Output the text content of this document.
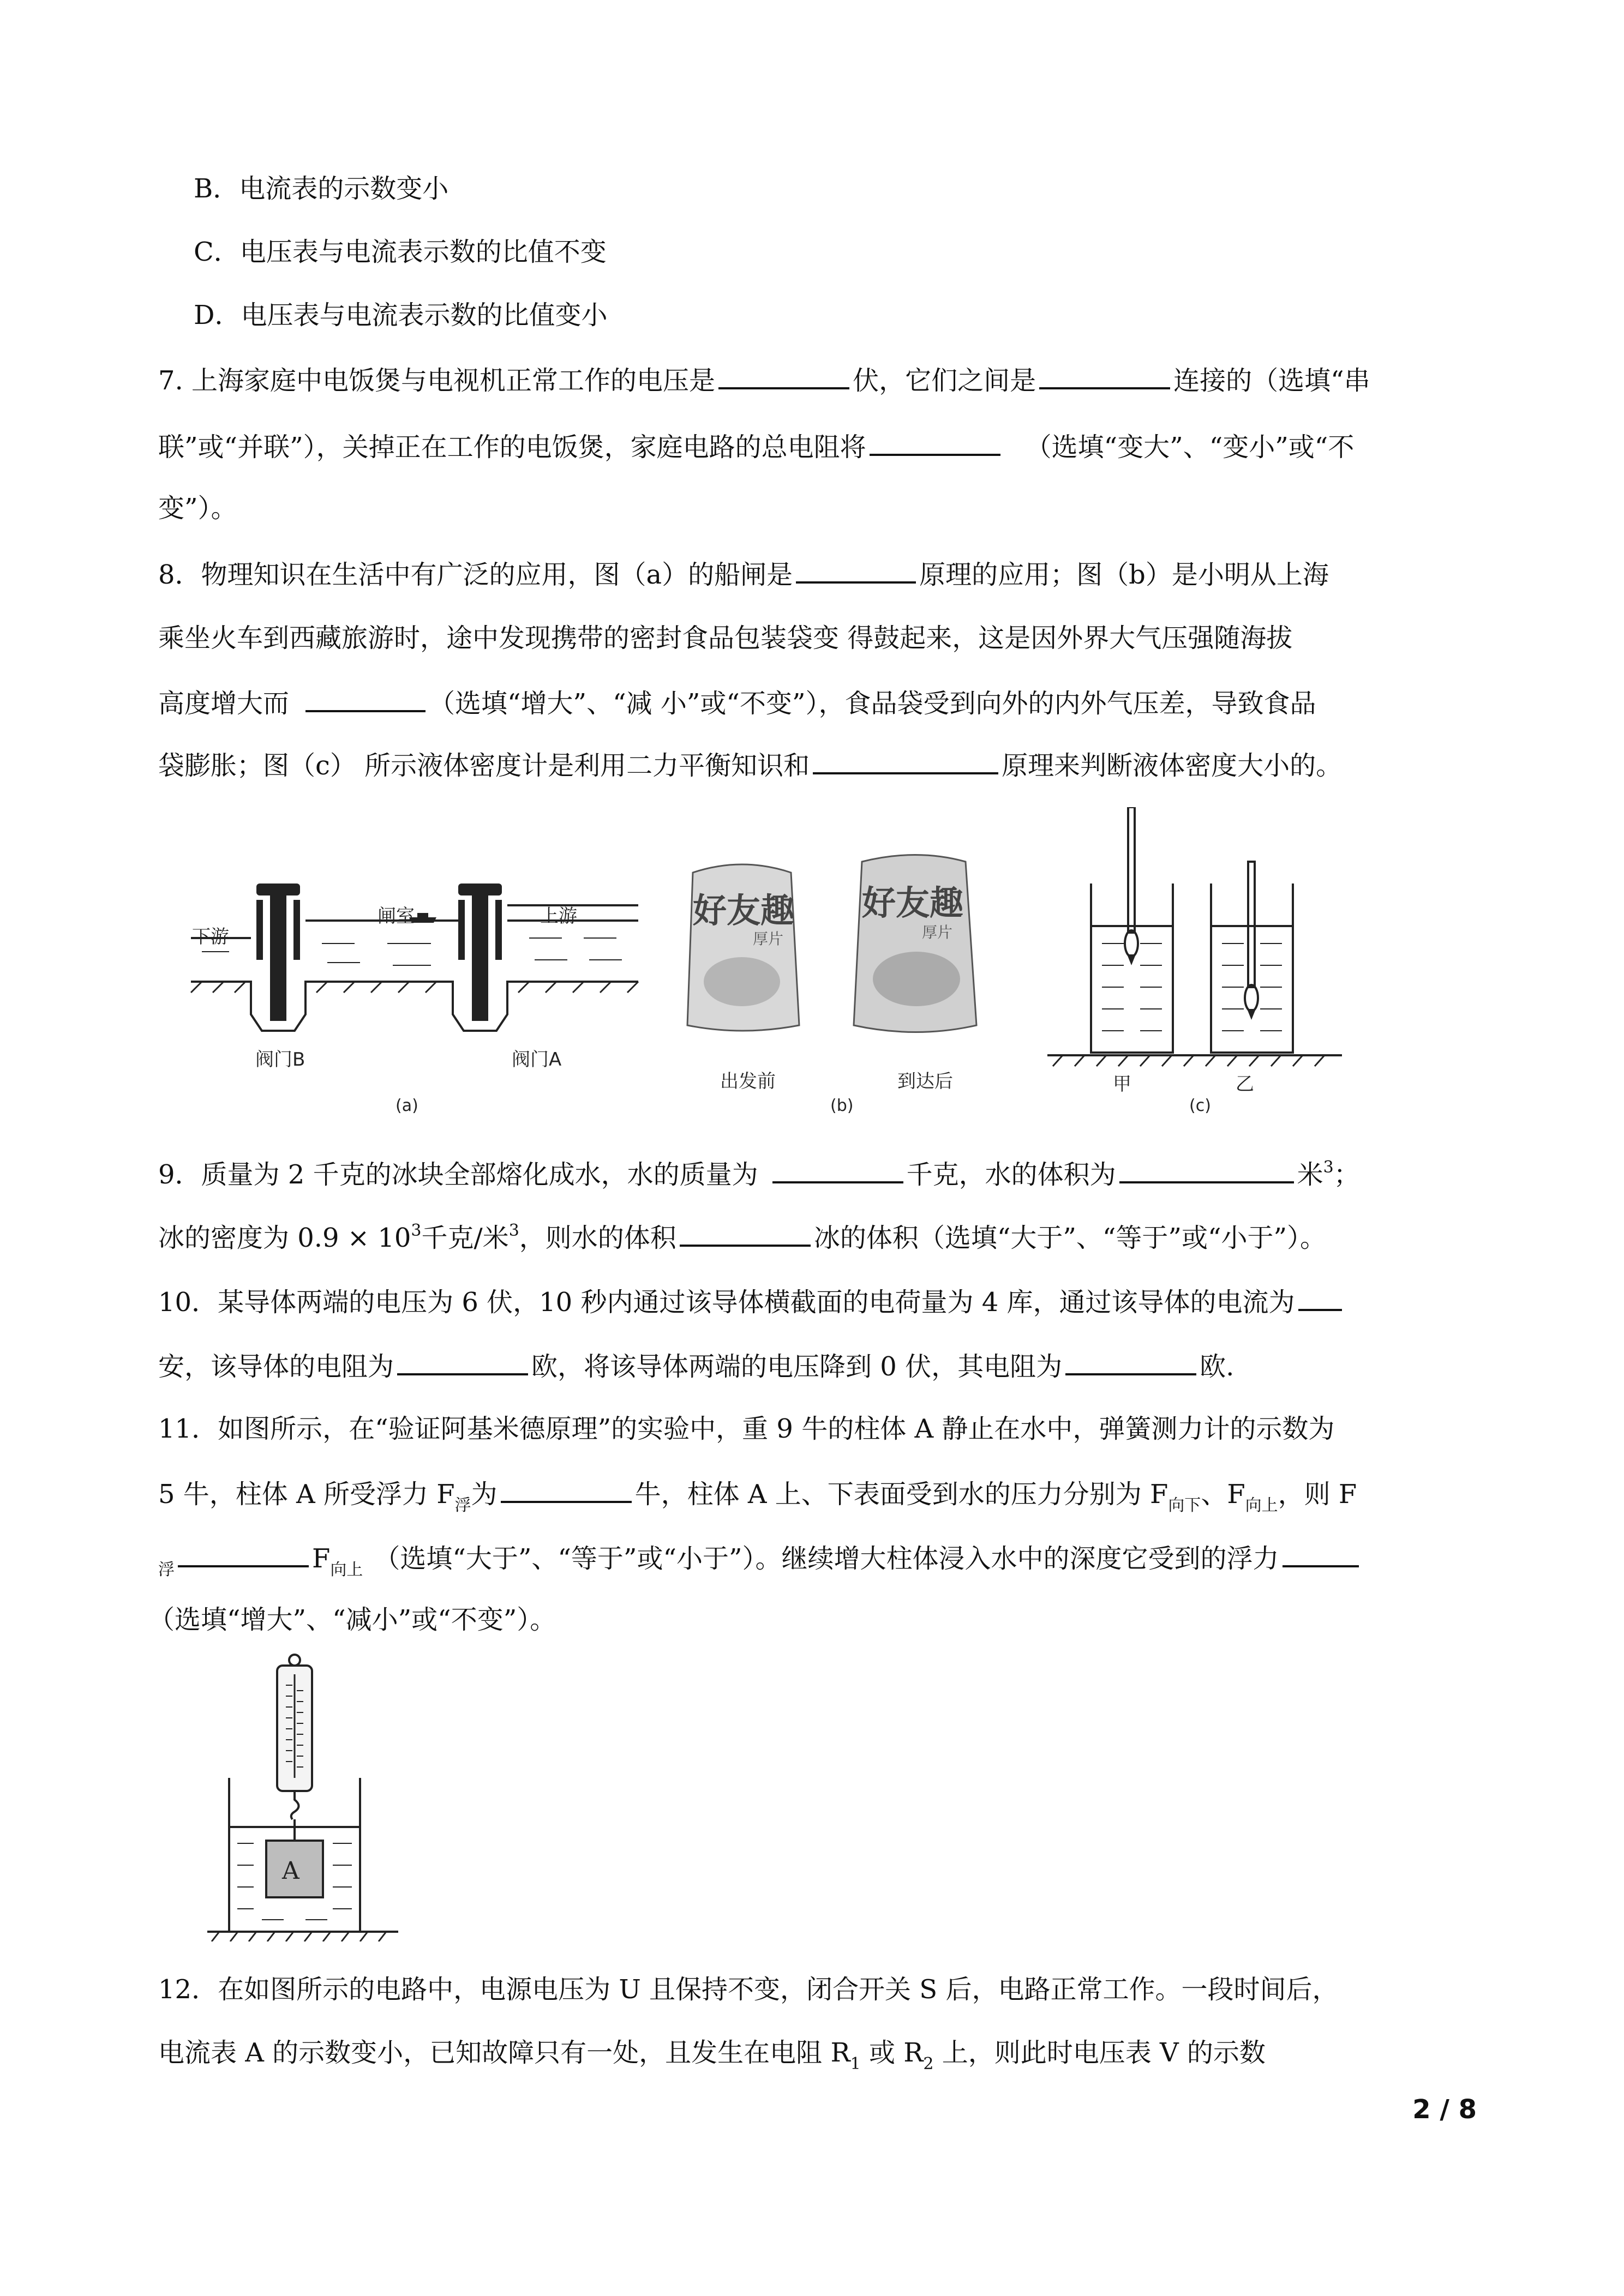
B．电流表的示数变小
C．电压表与电流表示数的比值不变
D．电压表与电流表示数的比值变小
7. 上海家庭中电饭煲与电视机正常工作的电压是	伏，它们之间是	连接的（选填“串
联”或“并联”），关掉正在工作的电饭煲，家庭电路的总电阻将	（选填“变大”、“变小”或“不
变”）。
8．物理知识在生活中有广泛的应用，图（a）的船闸是	原理的应用；图（b）是小明从上海
乘坐火车到西藏旅游时，途中发现携带的密封食品包装袋变 得鼓起来，这是因外界大气压强随海拔
高度增大而	（选填“增大”、“减 小”或“不变”），食品袋受到向外的内外气压差，导致食品
袋膨胀；图（c） 所示液体密度计是利用二力平衡知识和	原理来判断液体密度大小的。
下游
闸室	上游
阀门B	阀门A
(a)
好友趣 好友趣
厚片	厚片
出发前	到达后
(b)
甲	乙
(c)
9．质量为 2 千克的冰块全部熔化成水，水的质量为	千克，水的体积为	米$^3$；
冰的密度为 $0.9 \times 10^3$千克/米$^3$，则水的体积	冰的体积（选填“大于”、“等于”或“小于”）。
10．某导体两端的电压为 6 伏，10 秒内通过该导体横截面的电荷量为 4 库，通过该导体的电流为
安，该导体的电阻为	欧，将该导体两端的电压降到 0 伏，其电阻为	欧.
11．如图所示，在“验证阿基米德原理”的实验中，重 9 牛的柱体 A 静止在水中，弹簧测力计的示数为
5 牛，柱体 A 所受浮力 $F_浮$为	牛，柱体 A 上、下表面受到水的压力分别为 $F_{向下}$、$F_{向上}$，则 F
$_浮$	$F_{向上}$ （选填“大于”、“等于”或“小于”）。继续增大柱体浸入水中的深度它受到的浮力
（选填“增大”、“减小”或“不变”）。
A
12．在如图所示的电路中，电源电压为 U 且保持不变，闭合开关 S 后，电路正常工作。一段时间后，
电流表 A 的示数变小，已知故障只有一处，且发生在电阻 $R_1$ 或 $R_2$ 上，则此时电压表 V 的示数
2 / 8
